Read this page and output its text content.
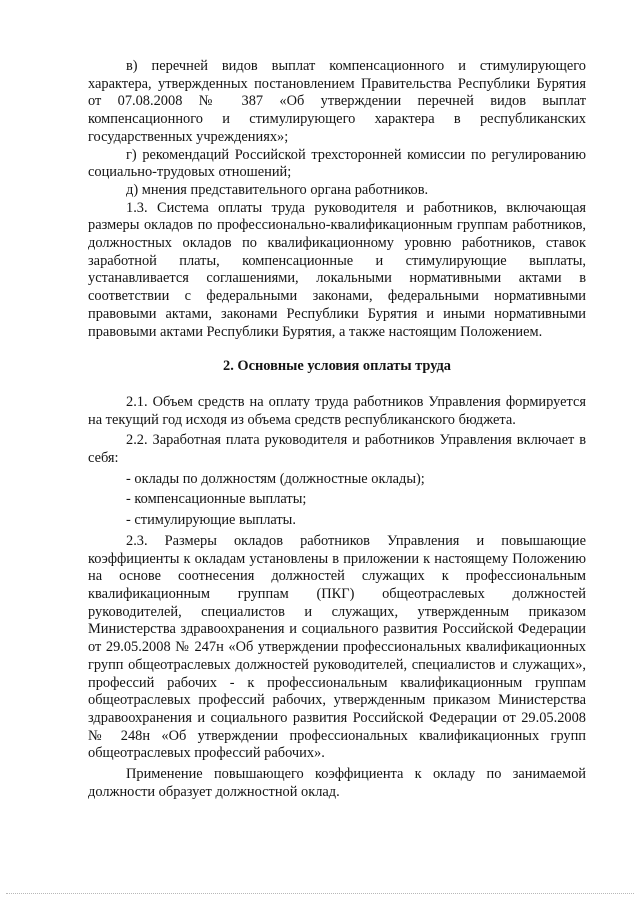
в) перечней видов выплат компенсационного и стимулирующего характера, утвержденных постановлением Правительства Республики Бурятия от 07.08.2008 № 387 «Об утверждении перечней видов выплат компенсационного и стимулирующего характера в республиканских государственных учреждениях»;

г) рекомендаций Российской трехсторонней комиссии по регулированию социально-трудовых отношений;

д) мнения представительного органа работников.

1.3. Система оплаты труда руководителя и работников, включающая размеры окладов по профессионально-квалификационным группам работников, должностных окладов по квалификационному уровню работников, ставок заработной платы, компенсационные и стимулирующие выплаты, устанавливается соглашениями, локальными нормативными актами в соответствии с федеральными законами, федеральными нормативными правовыми актами, законами Республики Бурятия и иными нормативными правовыми актами Республики Бурятия, а также настоящим Положением.

2. Основные условия оплаты труда

2.1. Объем средств на оплату труда работников Управления формируется на текущий год исходя из объема средств республиканского бюджета.

2.2. Заработная плата руководителя и работников Управления включает в себя:

- оклады по должностям (должностные оклады);

- компенсационные выплаты;

- стимулирующие выплаты.

2.3. Размеры окладов работников Управления и повышающие коэффициенты к окладам установлены в приложении к настоящему Положению на основе соотнесения должностей служащих к профессиональным квалификационным группам (ПКГ) общеотраслевых должностей руководителей, специалистов и служащих, утвержденным приказом Министерства здравоохранения и социального развития Российской Федерации от 29.05.2008 № 247н «Об утверждении профессиональных квалификационных групп общеотраслевых должностей руководителей, специалистов и служащих», профессий рабочих - к профессиональным квалификационным группам общеотраслевых профессий рабочих, утвержденным приказом Министерства здравоохранения и социального развития Российской Федерации от 29.05.2008 № 248н «Об утверждении профессиональных квалификационных групп общеотраслевых профессий рабочих».

Применение повышающего коэффициента к окладу по занимаемой должности образует должностной оклад.
